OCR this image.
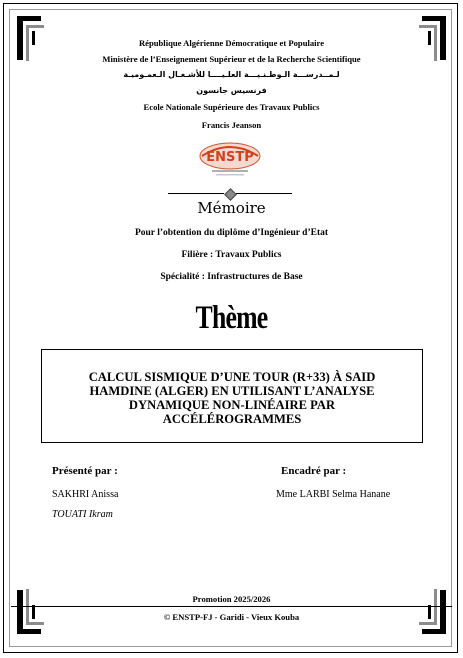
République Algérienne Démocratique et Populaire
Ministère de l’Enseignement Supérieur et de la Recherche Scientifique
لـمــدرســـة الـوطـنـيـــة العلـيــــا للأشـغـال الـعمـوميـة
فرنسيس جانسون
Ecole Nationale Supérieure des Travaux Publics
Francis Jeanson
ENSTP
Mémoire
Pour l’obtention du diplôme d’Ingénieur d’Etat
Filière : Travaux Publics
Spécialité : Infrastructures de Base
Thème
CALCUL SISMIQUE D’UNE TOUR (R+33) À SAID
HAMDINE (ALGER) EN UTILISANT L’ANALYSE
DYNAMIQUE NON-LINÉAIRE PAR
ACCÉLÉROGRAMMES
Présenté par :
SAKHRI Anissa
TOUATI Ikram
Encadré par :
Mme LARBI Selma Hanane
Promotion 2025/2026
© ENSTP-FJ - Garidi - Vieux Kouba
